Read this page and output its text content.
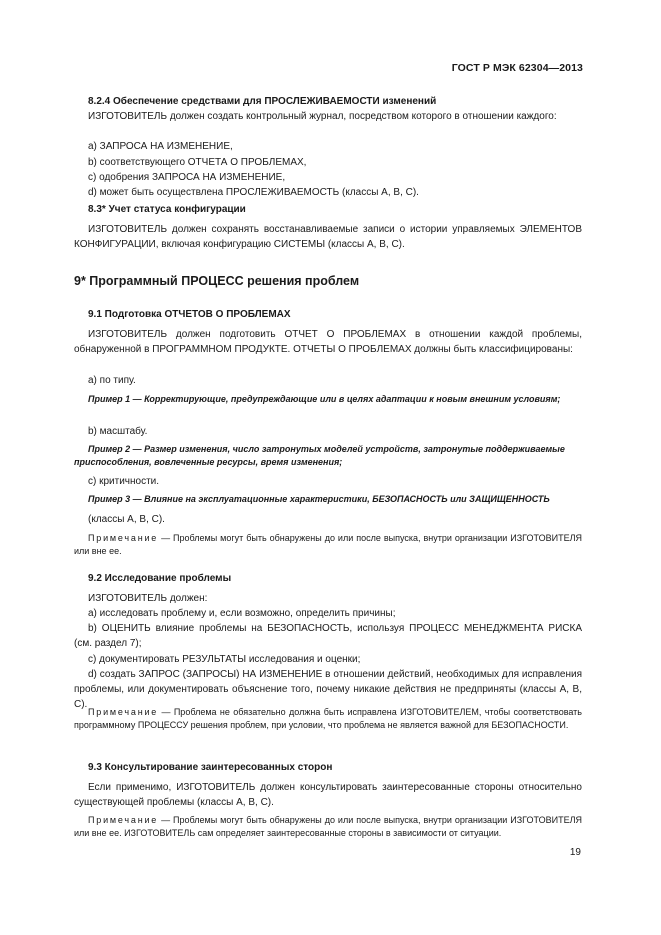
ГОСТ Р МЭК 62304—2013
8.2.4 Обеспечение средствами для ПРОСЛЕЖИВАЕМОСТИ изменений
ИЗГОТОВИТЕЛЬ должен создать контрольный журнал, посредством которого в отношении каждого:
a) ЗАПРОСА НА ИЗМЕНЕНИЕ,
b) соответствующего ОТЧЕТА О ПРОБЛЕМАХ,
c) одобрения ЗАПРОСА НА ИЗМЕНЕНИЕ,
d) может быть осуществлена ПРОСЛЕЖИВАЕМОСТЬ (классы A, B, C).
8.3* Учет статуса конфигурации
ИЗГОТОВИТЕЛЬ должен сохранять восстанавливаемые записи о истории управляемых ЭЛЕМЕНТОВ КОНФИГУРАЦИИ, включая конфигурацию СИСТЕМЫ (классы A, B, C).
9* Программный ПРОЦЕСС решения проблем
9.1 Подготовка ОТЧЕТОВ О ПРОБЛЕМАХ
ИЗГОТОВИТЕЛЬ должен подготовить ОТЧЕТ О ПРОБЛЕМАХ в отношении каждой проблемы, обнаруженной в ПРОГРАММНОМ ПРОДУКТЕ. ОТЧЕТЫ О ПРОБЛЕМАХ должны быть классифицированы:
a) по типу.
Пример 1 — Корректирующие, предупреждающие или в целях адаптации к новым внешним условиям;
b) масштабу.
Пример 2 — Размер изменения, число затронутых моделей устройств, затронутые поддерживаемые приспособления, вовлеченные ресурсы, время изменения;
c) критичности.
Пример 3 — Влияние на эксплуатационные характеристики, БЕЗОПАСНОСТЬ или ЗАЩИЩЕННОСТЬ
(классы A, B, C).
Примечание — Проблемы могут быть обнаружены до или после выпуска, внутри организации ИЗГОТОВИТЕЛЯ или вне ее.
9.2 Исследование проблемы
ИЗГОТОВИТЕЛЬ должен:
a) исследовать проблему и, если возможно, определить причины;
b) ОЦЕНИТЬ влияние проблемы на БЕЗОПАСНОСТЬ, используя ПРОЦЕСС МЕНЕДЖМЕНТА РИСКА (см. раздел 7);
c) документировать РЕЗУЛЬТАТЫ исследования и оценки;
d) создать ЗАПРОС (ЗАПРОСЫ) НА ИЗМЕНЕНИЕ в отношении действий, необходимых для исправления проблемы, или документировать объяснение того, почему никакие действия не предприняты (классы A, B, C).
Примечание — Проблема не обязательно должна быть исправлена ИЗГОТОВИТЕЛЕМ, чтобы соответствовать программному ПРОЦЕССУ решения проблем, при условии, что проблема не является важной для БЕЗОПАСНОСТИ.
9.3 Консультирование заинтересованных сторон
Если применимо, ИЗГОТОВИТЕЛЬ должен консультировать заинтересованные стороны относительно существующей проблемы (классы A, B, C).
Примечание — Проблемы могут быть обнаружены до или после выпуска, внутри организации ИЗГОТОВИТЕЛЯ или вне ее. ИЗГОТОВИТЕЛЬ сам определяет заинтересованные стороны в зависимости от ситуации.
19
